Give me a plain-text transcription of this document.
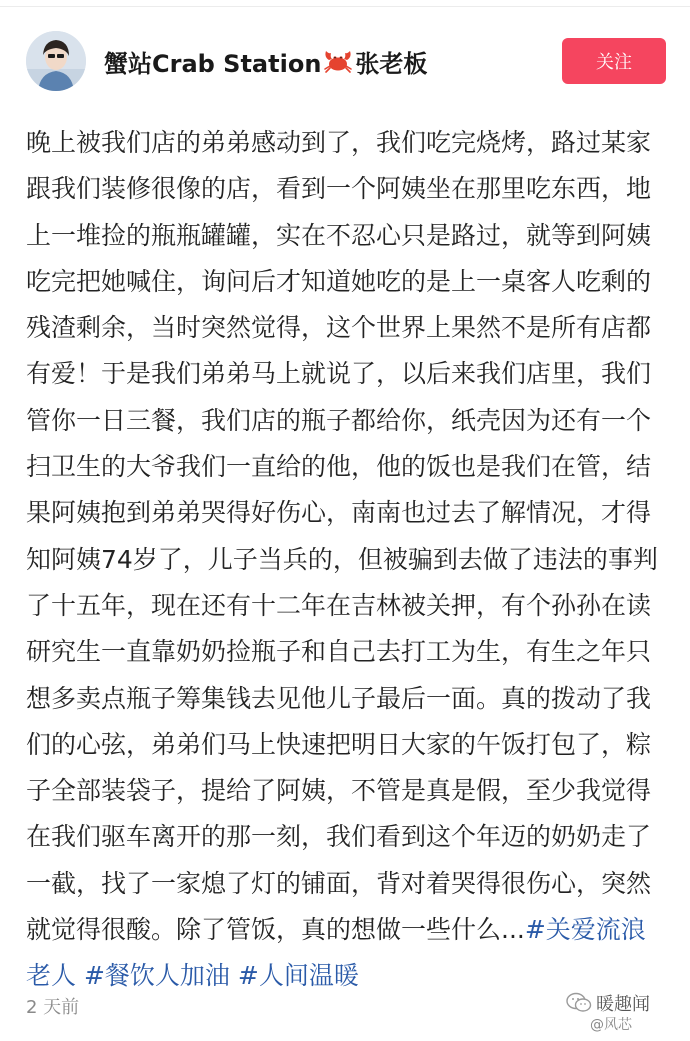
蟹站Crab Station 张老板	关注
晚上被我们店的弟弟感动到了，我们吃完烧烤，路过某家跟我们装修很像的店，看到一个阿姨坐在那里吃东西，地上一堆捡的瓶瓶罐罐，实在不忍心只是路过，就等到阿姨吃完把她喊住，询问后才知道她吃的是上一桌客人吃剩的残渣剩余，当时突然觉得，这个世界上果然不是所有店都有爱！于是我们弟弟马上就说了，以后来我们店里，我们管你一日三餐，我们店的瓶子都给你，纸壳因为还有一个扫卫生的大爷我们一直给的他，他的饭也是我们在管，结果阿姨抱到弟弟哭得好伤心，南南也过去了解情况，才得知阿姨74岁了，儿子当兵的，但被骗到去做了违法的事判了十五年，现在还有十二年在吉林被关押，有个孙孙在读研究生一直靠奶奶捡瓶子和自己去打工为生，有生之年只想多卖点瓶子筹集钱去见他儿子最后一面。真的拨动了我们的心弦，弟弟们马上快速把明日大家的午饭打包了，粽子全部装袋子，提给了阿姨，不管是真是假，至少我觉得在我们驱车离开的那一刻，我们看到这个年迈的奶奶走了一截，找了一家熄了灯的铺面，背对着哭得很伤心，突然就觉得很酸。除了管饭，真的想做一些什么...#关爱流浪老人 #餐饮人加油 #人间温暖
2 天前	暖趣闻
@风芯
